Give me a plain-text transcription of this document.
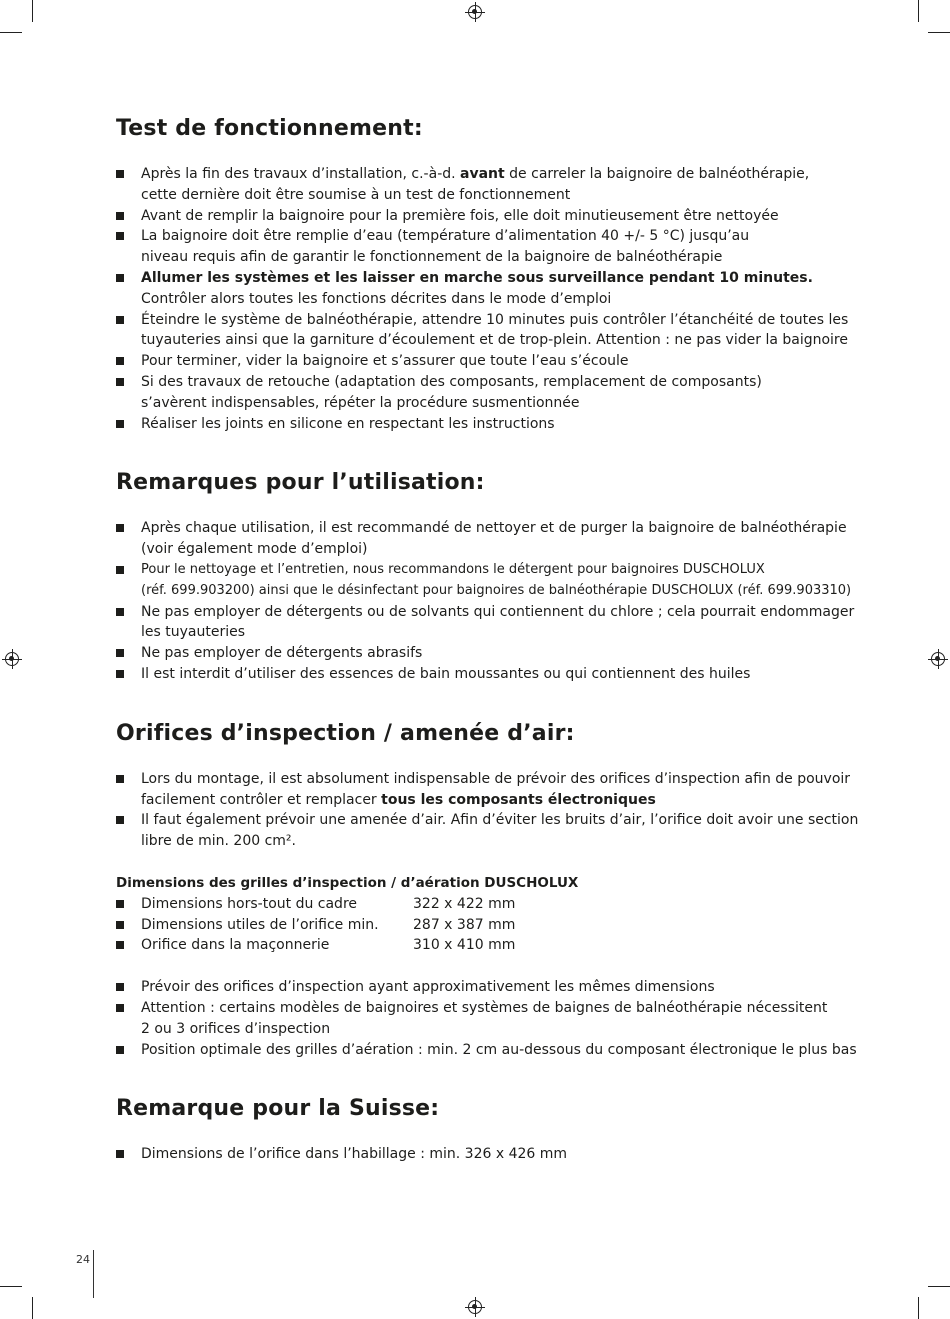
Test de fonctionnement:
Après la fin des travaux d’installation, c.-à-d. avant de carreler la baignoire de balnéothérapie,
cette dernière doit être soumise à un test de fonctionnement
Avant de remplir la baignoire pour la première fois, elle doit minutieusement être nettoyée
La baignoire doit être remplie d’eau (température d’alimentation 40 +/- 5 °C) jusqu’au
niveau requis afin de garantir le fonctionnement de la baignoire de balnéothérapie
Allumer les systèmes et les laisser en marche sous surveillance pendant 10 minutes.
Contrôler alors toutes les fonctions décrites dans le mode d’emploi
Éteindre le système de balnéothérapie, attendre 10 minutes puis contrôler l’étanchéité de toutes les
tuyauteries ainsi que la garniture d’écoulement et de trop-plein. Attention : ne pas vider la baignoire
Pour terminer, vider la baignoire et s’assurer que toute l’eau s’écoule
Si des travaux de retouche (adaptation des composants, remplacement de composants)
s’avèrent indispensables, répéter la procédure susmentionnée
Réaliser les joints en silicone en respectant les instructions
Remarques pour l’utilisation:
Après chaque utilisation, il est recommandé de nettoyer et de purger la baignoire de balnéothérapie
(voir également mode d’emploi)
Pour le nettoyage et l’entretien, nous recommandons le détergent pour baignoires DUSCHOLUX
(réf. 699.903200) ainsi que le désinfectant pour baignoires de balnéothérapie DUSCHOLUX (réf. 699.903310)
Ne pas employer de détergents ou de solvants qui contiennent du chlore ; cela pourrait endommager
les tuyauteries
Ne pas employer de détergents abrasifs
Il est interdit d’utiliser des essences de bain moussantes ou qui contiennent des huiles
Orifices d’inspection / amenée d’air:
Lors du montage, il est absolument indispensable de prévoir des orifices d’inspection afin de pouvoir
facilement contrôler et remplacer tous les composants électroniques
Il faut également prévoir une amenée d’air. Afin d’éviter les bruits d’air, l’orifice doit avoir une section
libre de min. 200 cm².
Dimensions des grilles d’inspection / d’aération DUSCHOLUX
Dimensions hors-tout du cadre	322 x 422 mm
Dimensions utiles de l’orifice min. 287 x 387 mm
Orifice dans la maçonnerie	310 x 410 mm
Prévoir des orifices d’inspection ayant approximativement les mêmes dimensions
Attention : certains modèles de baignoires et systèmes de baignes de balnéothérapie nécessitent
2 ou 3 orifices d’inspection
Position optimale des grilles d’aération : min. 2 cm au-dessous du composant électronique le plus bas
Remarque pour la Suisse:
Dimensions de l’orifice dans l’habillage : min. 326 x 426 mm
24
